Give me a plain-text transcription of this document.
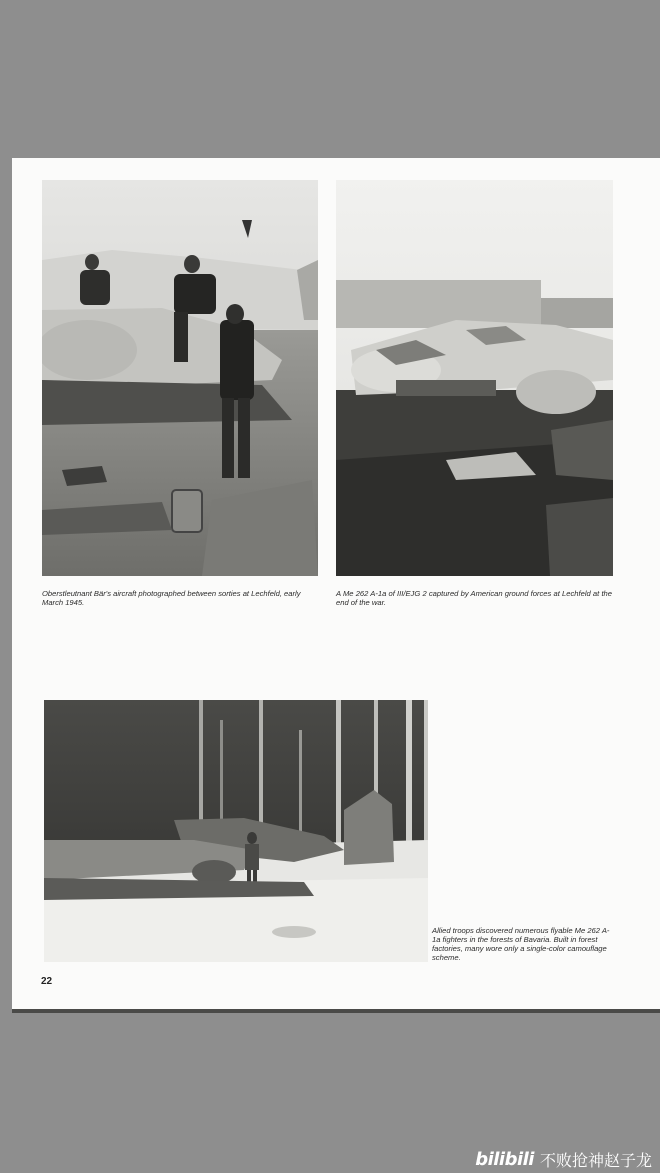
Oberstleutnant Bär's aircraft photographed between sorties at Lechfeld, early March 1945.

A Me 262 A-1a of III/EJG 2 captured by American ground forces at Lechfeld at the end of the war.

Allied troops discovered numerous flyable Me 262 A-1a fighters in the forests of Bavaria. Built in forest factories, many wore only a single-color camouflage scheme.

22
bilibili 不败抢神赵子龙
